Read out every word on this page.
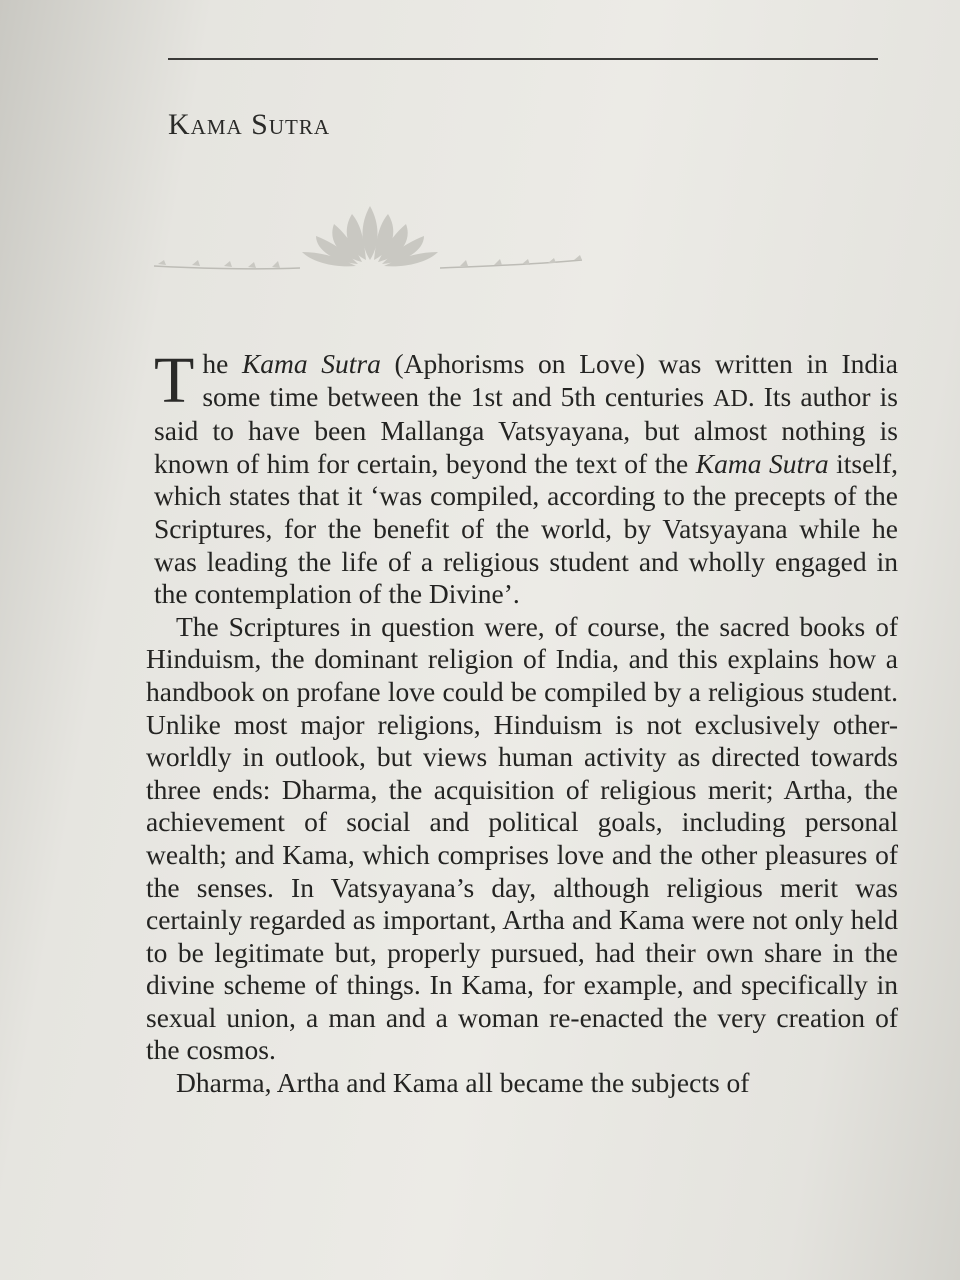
Kama Sutra

The Kama Sutra (Aphorisms on Love) was written in India some time between the 1st and 5th centuries AD. Its author is said to have been Mallanga Vatsyayana, but almost nothing is known of him for certain, beyond the text of the Kama Sutra itself, which states that it ‘was compiled, according to the precepts of the Scriptures, for the benefit of the world, by Vatsyayana while he was leading the life of a religious student and wholly engaged in the contemplation of the Divine’.

The Scriptures in question were, of course, the sacred books of Hinduism, the dominant religion of India, and this explains how a handbook on profane love could be compiled by a religious student. Unlike most major religions, Hinduism is not exclusively other-worldly in outlook, but views human activity as directed towards three ends: Dharma, the acquisition of religious merit; Artha, the achievement of social and political goals, including personal wealth; and Kama, which comprises love and the other pleasures of the senses. In Vatsyayana’s day, although religious merit was certainly regarded as important, Artha and Kama were not only held to be legitimate but, properly pursued, had their own share in the divine scheme of things. In Kama, for example, and specifically in sexual union, a man and a woman re-enacted the very creation of the cosmos.

Dharma, Artha and Kama all became the subjects of
